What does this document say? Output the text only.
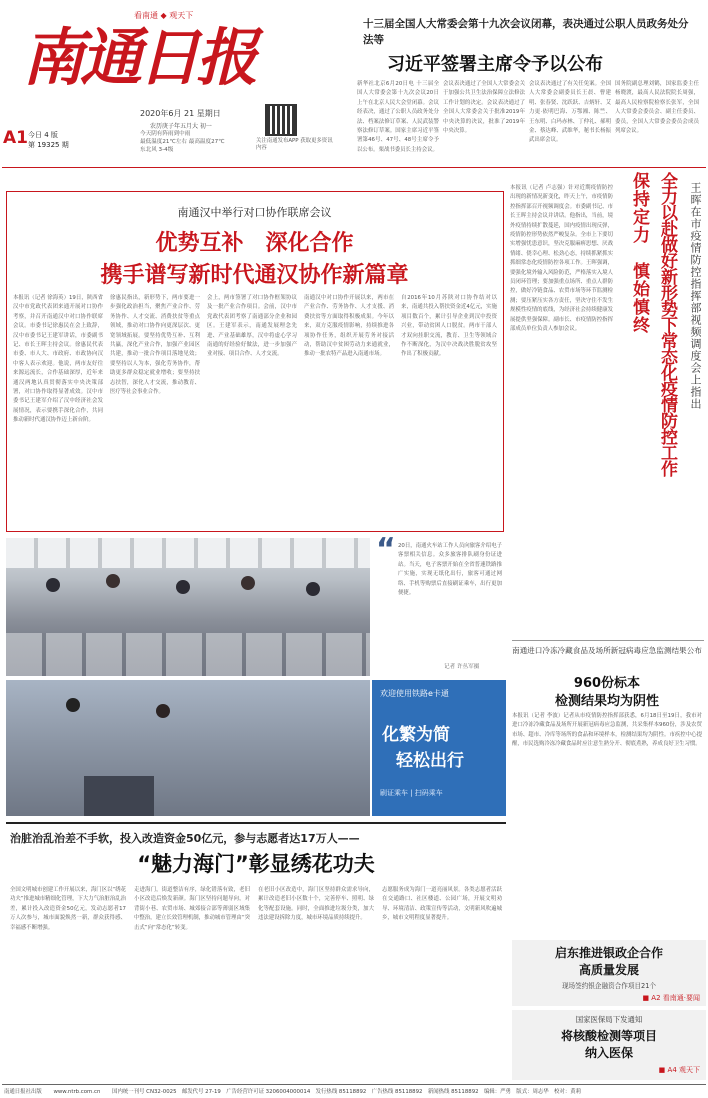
南通日报
看南通 ◆ 观天下
2020年6月 21 星期日
农历庚子年五月大 初一
A1 今日 4 版
第 19325 期
今天阴有阵雨到中雨
最低温度21℃左右 最高温度27℃
东北风 3-4级
关注南通发布APP 获取更多资讯内容
十三届全国人大常委会第十九次会议闭幕，表决通过公职人员政务处分法等
习近平签署主席令予以公布
新华社北京6月20日电 十三届全国人大常委会第十九次会议20日上午在北京人民大会堂闭幕。会议经表决，通过了公职人员政务处分法、档案法修订草案、人民武装警察法修订草案。国家主席习近平签署第46号、47号、48号主席令予以公布。栗战书委员长主持会议。
会议表决通过了全国人大常委会关于加强公共卫生法治保障立法修法工作计划的决定。会议表决通过了全国人大常委会关于批准2019年中央决算的决议，批准了2019年中央决算。
会议表决通过了有关任免案。全国人大常委会副委员长王晨、曹建明、张春贤、沈跃跃、吉炳轩、艾力更·依明巴海、万鄂湘、陈竺、王东明、白玛赤林、丁仲礼、郝明金、蔡达峰、武维华，秘书长杨振武出席会议。
国务院副总理刘鹤，国家监委主任杨晓渡，最高人民法院院长周强，最高人民检察院检察长张军，全国人大常委会委员会、副主任委员、委员，全国人大常委会委员会成员列席会议。
南通汉中举行对口协作联席会议
优势互补　深化合作
携手谱写新时代通汉协作新篇章
本报讯（记者 徐海英）19日，陕西省汉中市党政代表团来通开展对口协作考察，并召开南通汉中对口协作联席会议。市委书记徐惠民在会上致辞，汉中市委书记王建军讲话，市委副书记、市长王晖主持会议。徐惠民代表市委、市人大、市政府、市政协向汉中客人表示欢迎。他说，两市友好往来源远流长，合作基础深厚，近年来通汉两地认真贯彻落实中央决策部署，对口协作取得显著成效。汉中市委书记王建军介绍了汉中经济社会发展情况，表示要携手深化合作，共同推动新时代通汉协作迈上新台阶。
徐惠民指出，新形势下，两市要进一步强化政治担当，聚焦产业合作、劳务协作、人才交流、消费扶贫等重点领域，推动对口协作向更深层次、更宽领域拓展。要坚持优势互补、互利共赢，深化产业合作，加强产业园区共建，推动一批合作项目落地见效；要坚持以人为本，强化劳务协作，帮助更多群众稳定就业增收；要坚持扶志扶智，深化人才交流，推动教育、医疗等社会事业合作。
会上，两市签署了对口协作框架协议及一批产业合作项目。会前，汉中市党政代表团考察了南通部分企业和园区。王建军表示，南通发展理念先进、产业基础雄厚，汉中将虚心学习南通的好经验好做法，进一步加强产业对接、项目合作、人才交流。
南通汉中对口协作开展以来，两市在产业合作、劳务协作、人才支援、消费扶贫等方面取得积极成果。今年以来，双方克服疫情影响，持续推进各项协作任务，组织开展劳务对接活动，帮助汉中贫困劳动力来通就业，推动一批农特产品进入南通市场。
自2016年10月苏陕对口协作结对以来，南通共投入帮扶资金近4亿元，实施项目数百个，累计引导企业到汉中投资兴业，带动贫困人口脱贫。两市干部人才双向挂职交流，教育、卫生等领域合作不断深化，为汉中决战决胜脱贫攻坚作出了积极贡献。
本报讯（记者 卢志强）针对近期疫情防控出现的新情况新变化，昨天上午，市疫情防控指挥部召开视频调度会。市委副书记、市长王晖主持会议并讲话。他指出，当前，境外疫情持续扩散蔓延，国内疫情出现反弹，疫情防控形势依然严峻复杂。全市上下要切实增强忧患意识，坚决克服麻痹思想、厌战情绪、侥幸心理、松劲心态，持续抓紧抓实抓细常态化疫情防控各项工作。王晖强调，要强化境外输入风险防范，严格落实入境人员闭环管理；要加强重点场所、重点人群防控，做好冷链食品、农贸市场等环节监测检测；要压紧压实各方责任，坚决守住不发生规模性疫情的底线，为经济社会持续健康发展提供坚强保障。副市长、市疫情防控指挥部成员单位负责人参加会议。	保持定力　慎始慎终 全力以赴做好新形势下常态化疫情防控工作 王晖在市疫情防控指挥部视频调度会上指出
欢迎使用铁路e卡通
化繁为简
轻松出行
刷证乘车 | 扫码乘车
“ 20日，南通火车站工作人员向旅客介绍电子客票相关信息。众多旅客排队刷身份证进站。当天，电子客票开始在全省普速铁路推广实施，实现无纸化出行，旅客可通过网络、手机等购票后直接刷证乘车，出行更加便捷。
记者 许丛军摄
南通进口冷冻冷藏食品及场所新冠病毒应急监测结果公布
960份标本
检测结果均为阴性
本报讯（记者 李波）记者从市疫情防控指挥部获悉，6月18日至19日，我市对进口冷冻冷藏食品及场所开展新冠病毒应急监测，共采集样本960份，涉及农贸市场、超市、冷库等场所的食品和环境样本，检测结果均为阴性。市疾控中心提醒，市民选购冷冻冷藏食品时应注意生熟分开、彻底煮熟，养成良好卫生习惯。
治脏治乱治差不手软，投入改造资金50亿元，参与志愿者达17万人——
“魅力海门”彰显绣花功夫
全国文明城市创建工作开展以来，海门区以“绣花功夫”推进城市精细化管理，下大力气治脏治乱治差，累计投入改造资金50亿元，发动志愿者17万人次参与，城市面貌焕然一新，群众获得感、幸福感不断增强。
走进海门，街道整洁有序，绿化错落有致，老旧小区改造后焕发新颜。海门区坚持问题导向，对背街小巷、农贸市场、城郊接合部等薄弱区域集中整治，建立长效管理机制，推动城市管理由“突击式”向“常态化”转变。
在老旧小区改造中，海门区坚持群众需求导向，累计改造老旧小区数十个，完善停车、照明、绿化等配套设施。同时，全面推进垃圾分类，加大违法建设拆除力度，城市环境品质持续提升。
志愿服务成为海门一道亮丽风景。各类志愿者活跃在交通路口、社区楼道、公园广场，开展文明劝导、环境清洁、政策宣传等活动，文明新风吹遍城乡，城市文明程度显著提升。
启东推进银政企合作
高质量发展
现场签约银企融资合作项目21个
■ A2 看南通·要闻
国家医保局下发通知
将核酸检测等项目
纳入医保
■ A4 观天下
南通日报社出版 www.ntrb.com.cn 国内统一刊号 CN32-0025　邮发代号 27-19　广告经营许可证 3206004000014　发行热线 85118892　广告热线 85118892　新闻热线 85118892　编辑：严勇　版式：周志华　校对：黄莉
